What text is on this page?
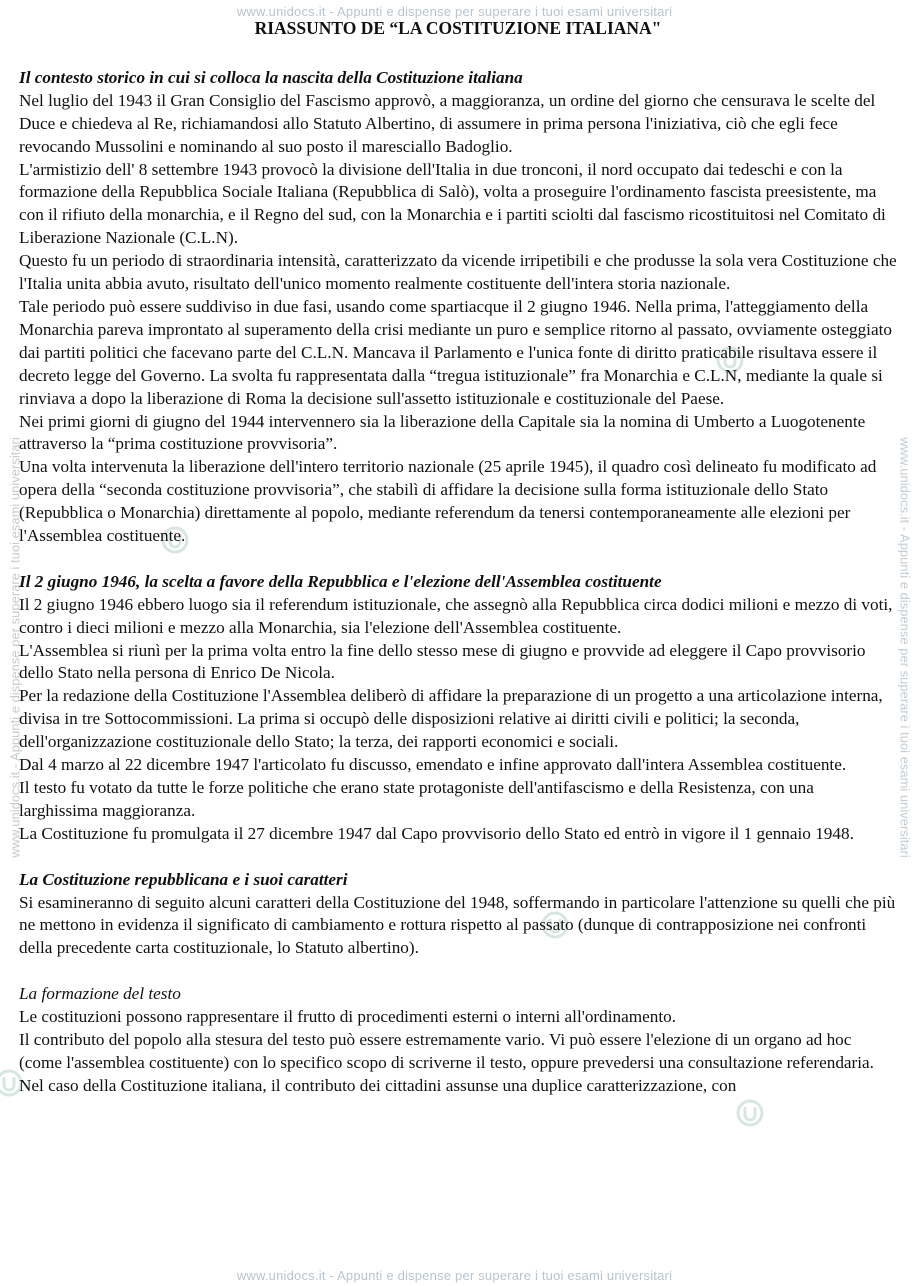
www.unidocs.it - Appunti e dispense per superare i tuoi esami universitari
www.unidocs.it - Appunti e dispense per superare i tuoi esami universitari	www.unidocs.it - Appunti e dispense per superare i tuoi esami universitari
www.unidocs.it - Appunti e dispense per superare i tuoi esami universitari
RIASSUNTO DE “LA COSTITUZIONE ITALIANA"

Il contesto storico in cui si colloca la nascita della Costituzione italiana

Nel luglio del 1943 il Gran Consiglio del Fascismo approvò, a maggioranza, un ordine del giorno che censurava le scelte del Duce e chiedeva al Re, richiamandosi allo Statuto Albertino, di assumere in prima persona l'iniziativa, ciò che egli fece revocando Mussolini e nominando al suo posto il maresciallo Badoglio.

L'armistizio dell' 8 settembre 1943 provocò la divisione dell'Italia in due tronconi, il nord occupato dai tedeschi e con la formazione della Repubblica Sociale Italiana (Repubblica di Salò), volta a proseguire l'ordinamento fascista preesistente, ma con il rifiuto della monarchia, e il Regno del sud, con la Monarchia e i partiti sciolti dal fascismo ricostituitosi nel Comitato di Liberazione Nazionale (C.L.N).

Questo fu un periodo di straordinaria intensità, caratterizzato da vicende irripetibili e che produsse la sola vera Costituzione che l'Italia unita abbia avuto, risultato dell'unico momento realmente costituente dell'intera storia nazionale.

Tale periodo può essere suddiviso in due fasi, usando come spartiacque il 2 giugno 1946. Nella prima, l'atteggiamento della Monarchia pareva improntato al superamento della crisi mediante un puro e semplice ritorno al passato, ovviamente osteggiato dai partiti politici che facevano parte del C.L.N. Mancava il Parlamento e l'unica fonte di diritto praticabile risultava essere il decreto legge del Governo. La svolta fu rappresentata dalla “tregua istituzionale” fra Monarchia e C.L.N, mediante la quale si rinviava a dopo la liberazione di Roma la decisione sull'assetto istituzionale e costituzionale del Paese.

Nei primi giorni di giugno del 1944 intervennero sia la liberazione della Capitale sia la nomina di Umberto a Luogotenente attraverso la “prima costituzione provvisoria”.

Una volta intervenuta la liberazione dell'intero territorio nazionale (25 aprile 1945), il quadro così delineato fu modificato ad opera della “seconda costituzione provvisoria”, che stabilì di affidare la decisione sulla forma istituzionale dello Stato (Repubblica o Monarchia) direttamente al popolo, mediante referendum da tenersi contemporaneamente alle elezioni per l'Assemblea costituente.

Il 2 giugno 1946, la scelta a favore della Repubblica e l'elezione dell'Assemblea costituente

Il 2 giugno 1946 ebbero luogo sia il referendum istituzionale, che assegnò alla Repubblica circa dodici milioni e mezzo di voti, contro i dieci milioni e mezzo alla Monarchia, sia l'elezione dell'Assemblea costituente.

L'Assemblea si riunì per la prima volta entro la fine dello stesso mese di giugno e provvide ad eleggere il Capo provvisorio dello Stato nella persona di Enrico De Nicola.

Per la redazione della Costituzione l'Assemblea deliberò di affidare la preparazione di un progetto a una articolazione interna, divisa in tre Sottocommissioni. La prima si occupò delle disposizioni relative ai diritti civili e politici; la seconda, dell'organizzazione costituzionale dello Stato; la terza, dei rapporti economici e sociali.

Dal 4 marzo al 22 dicembre 1947 l'articolato fu discusso, emendato e infine approvato dall'intera Assemblea costituente.

Il testo fu votato da tutte le forze politiche che erano state protagoniste dell'antifascismo e della Resistenza, con una larghissima maggioranza.

La Costituzione fu promulgata il 27 dicembre 1947 dal Capo provvisorio dello Stato ed entrò in vigore il 1 gennaio 1948.

La Costituzione repubblicana e i suoi caratteri

Si esamineranno di seguito alcuni caratteri della Costituzione del 1948, soffermando in particolare l'attenzione su quelli che più ne mettono in evidenza il significato di cambiamento e rottura rispetto al passato (dunque di contrapposizione nei confronti della precedente carta costituzionale, lo Statuto albertino).

La formazione del testo

Le costituzioni possono rappresentare il frutto di procedimenti esterni o interni all'ordinamento.

Il contributo del popolo alla stesura del testo può essere estremamente vario. Vi può essere l'elezione di un organo ad hoc (come l'assemblea costituente) con lo specifico scopo di scriverne il testo, oppure prevedersi una consultazione referendaria.

Nel caso della Costituzione italiana, il contributo dei cittadini assunse una duplice caratterizzazione, con
